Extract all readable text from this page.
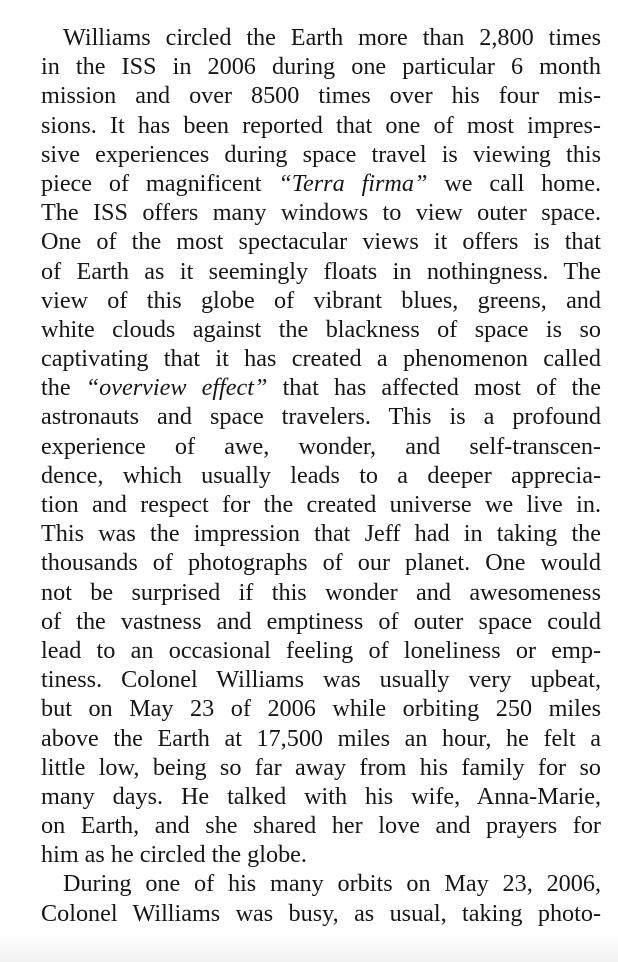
Williams circled the Earth more than 2,800 times
in the ISS in 2006 during one particular 6 month
mission and over 8500 times over his four mis-
sions. It has been reported that one of most impres-
sive experiences during space travel is viewing this
piece of magnificent “Terra firma” we call home.
The ISS offers many windows to view outer space.
One of the most spectacular views it offers is that
of Earth as it seemingly floats in nothingness. The
view of this globe of vibrant blues, greens, and
white clouds against the blackness of space is so
captivating that it has created a phenomenon called
the “overview effect” that has affected most of the
astronauts and space travelers. This is a profound
experience of awe, wonder, and self-transcen-
dence, which usually leads to a deeper apprecia-
tion and respect for the created universe we live in.
This was the impression that Jeff had in taking the
thousands of photographs of our planet. One would
not be surprised if this wonder and awesomeness
of the vastness and emptiness of outer space could
lead to an occasional feeling of loneliness or emp-
tiness. Colonel Williams was usually very upbeat,
but on May 23 of 2006 while orbiting 250 miles
above the Earth at 17,500 miles an hour, he felt a
little low, being so far away from his family for so
many days. He talked with his wife, Anna-Marie,
on Earth, and she shared her love and prayers for
him as he circled the globe.
During one of his many orbits on May 23, 2006,
Colonel Williams was busy, as usual, taking photo-
